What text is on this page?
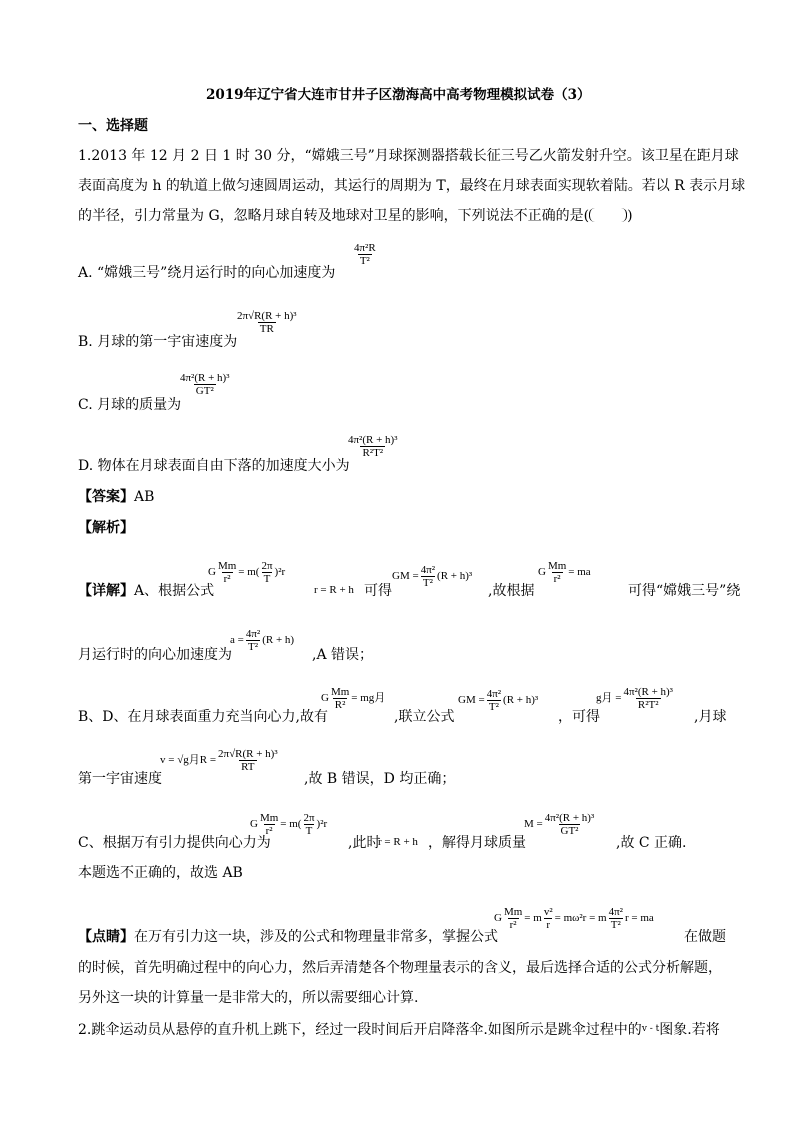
2019年辽宁省大连市甘井子区渤海高中高考物理模拟试卷（3）
一、选择题
1.2013 年 12 月 2 日 1 时 30 分，“嫦娥三号”月球探测器搭载长征三号乙火箭发射升空。该卫星在距月球
表面高度为 h 的轨道上做匀速圆周运动，其运行的周期为 T，最终在月球表面实现软着陆。若以 R 表示月球
的半径，引力常量为 G，忽略月球自转及地球对卫星的影响，下列说法不正确的是(	)
A. “嫦娥三号”绕月运行时的向心加速度为
$\frac{\text{4π²R}}{\text{T²}}$
B. 月球的第一宇宙速度为
$\frac{\text{2π√R(R + h)³}}{TR}$
C. 月球的质量为
$\frac{\text{4π²(R + h)³}}{\text{GT²}}$
D. 物体在月球表面自由下落的加速度大小为
$\frac{\text{4π²(R + h)³}}{\text{R²T²}}$
【答案】AB
【解析】
【详解】A、根据公式
G $\frac{Mm}{\text{r²}} = m( \frac{2\pi}{T} )^2r$
r = R + h 可得
GM = $\frac{\text{4π²}}{\text{T²}} (R + h)^3$
,故根据
G $\frac{Mm}{\text{r²}}$ = ma
可得“嫦娥三号”绕
月运行时的向心加速度为
$a = \frac{\text{4π²}}{\text{T²}} (R + h)$
,A 错误；
B、D、在月球表面重力充当向心力,故有
G $\frac{Mm}{\text{R²}}$ = mg月
,联立公式
GM = $\frac{\text{4π²}}{\text{T²}} (R + h)^3$
，可得
g月 = $\frac{\text{4π²(R + h)³}}{\text{R²T²}}$
,月球
第一宇宙速度
v = √g月$R = \frac{\text{2π√R(R + h)³}}{RT}$
,故 B 错误，D 均正确；
C、根据万有引力提供向心力为
G $\frac{Mm}{\text{r²}} = m( \frac{2\pi}{T} )^2r$
,此时
r = R + h ，解得月球质量
$M = \frac{\text{4π²(R + h)³}}{\text{GT²}}$
,故 C 正确.
本题选不正确的，故选 AB
【点睛】在万有引力这一块，涉及的公式和物理量非常多，掌握公式
G $\frac{Mm}{\text{r²}} = m \frac{\text{v²}}{r} = m\omega^2r = m \frac{\text{4π²}}{\text{T²}}$ r = ma
在做题
的时候，首先明确过程中的向心力，然后弄清楚各个物理量表示的含义，最后选择合适的公式分析解题，
另外这一块的计算量一是非常大的，所以需要细心计算.
2.跳伞运动员从悬停的直升机上跳下，经过一段时间后开启降落伞.如图所示是跳伞过程中的$^{v - t}$图象.若将
